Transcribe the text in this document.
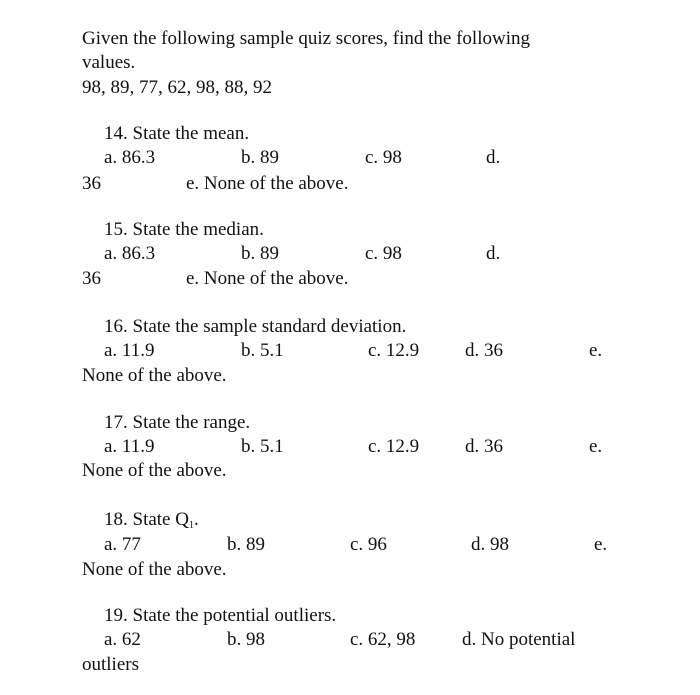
Given the following sample quiz scores, find the following
values.
98, 89, 77, 62, 98, 88, 92
14. State the mean.
a. 86.3	b. 89	c. 98	d.
36	e. None of the above.
15. State the median.
a. 86.3	b. 89	c. 98	d.
36	e. None of the above.
16. State the sample standard deviation.
a. 11.9	b. 5.1	c. 12.9 d. 36	e.
None of the above.
17. State the range.
a. 11.9	b. 5.1	c. 12.9 d. 36	e.
None of the above.
18. State $Q_1$.
a. 77	b. 89	c. 96	d. 98	e.
None of the above.
19. State the potential outliers.
a. 62	b. 98	c. 62, 98 d. No potential
outliers
